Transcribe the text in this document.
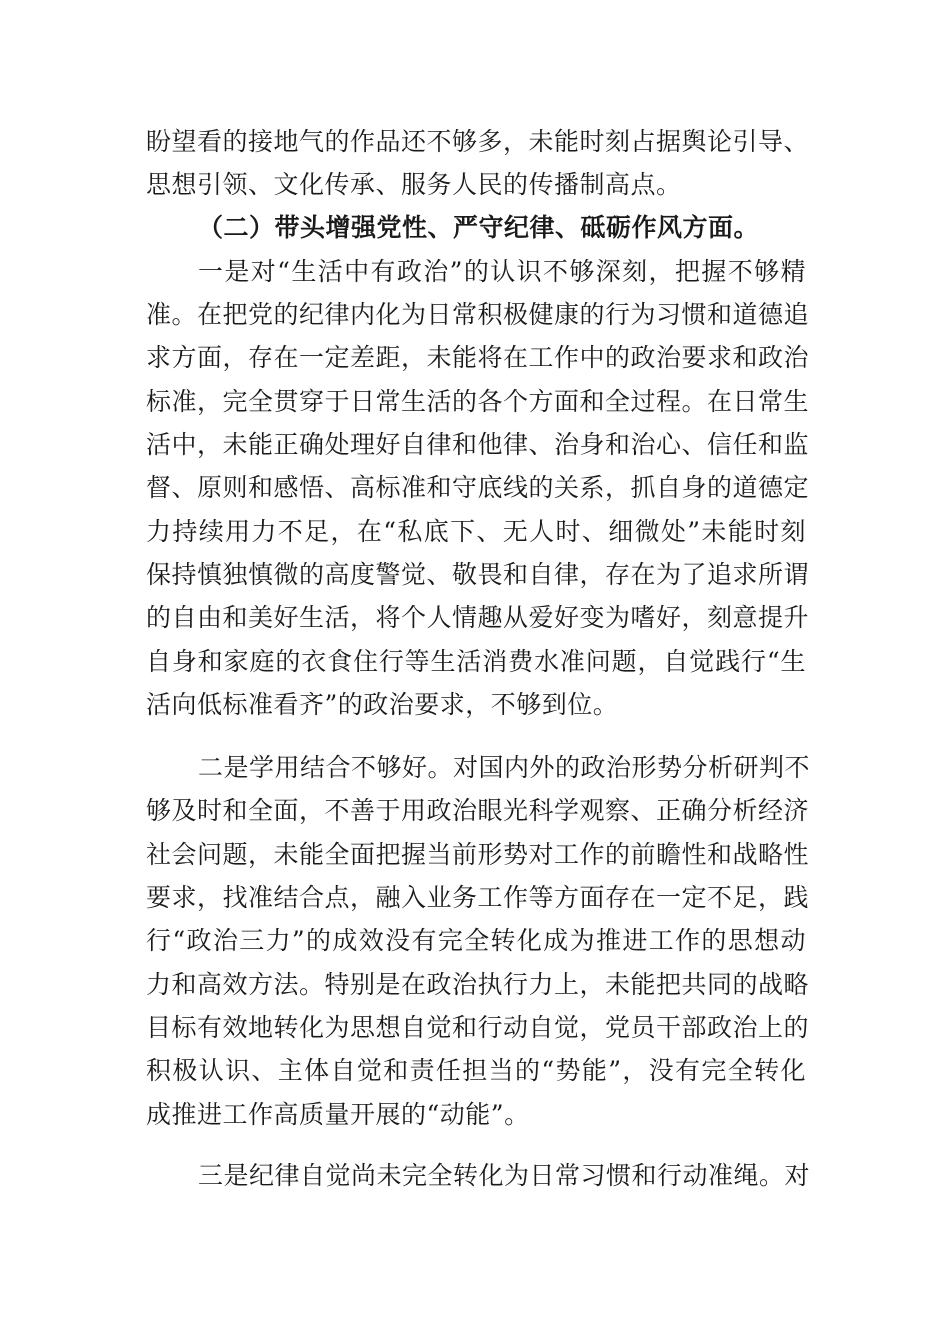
盼望看的接地气的作品还不够多，未能时刻占据舆论引导、
思想引领、文化传承、服务人民的传播制高点。
（二）带头增强党性、严守纪律、砥砺作风方面。
一是对“生活中有政治”的认识不够深刻，把握不够精
准。在把党的纪律内化为日常积极健康的行为习惯和道德追
求方面，存在一定差距，未能将在工作中的政治要求和政治
标准，完全贯穿于日常生活的各个方面和全过程。在日常生
活中，未能正确处理好自律和他律、治身和治心、信任和监
督、原则和感悟、高标准和守底线的关系，抓自身的道德定
力持续用力不足，在“私底下、无人时、细微处”未能时刻
保持慎独慎微的高度警觉、敬畏和自律，存在为了追求所谓
的自由和美好生活，将个人情趣从爱好变为嗜好，刻意提升
自身和家庭的衣食住行等生活消费水准问题，自觉践行“生
活向低标准看齐”的政治要求，不够到位。
二是学用结合不够好。对国内外的政治形势分析研判不
够及时和全面，不善于用政治眼光科学观察、正确分析经济
社会问题，未能全面把握当前形势对工作的前瞻性和战略性
要求，找准结合点，融入业务工作等方面存在一定不足，践
行“政治三力”的成效没有完全转化成为推进工作的思想动
力和高效方法。特别是在政治执行力上，未能把共同的战略
目标有效地转化为思想自觉和行动自觉，党员干部政治上的
积极认识、主体自觉和责任担当的“势能”，没有完全转化
成推进工作高质量开展的“动能”。
三是纪律自觉尚未完全转化为日常习惯和行动准绳。对
